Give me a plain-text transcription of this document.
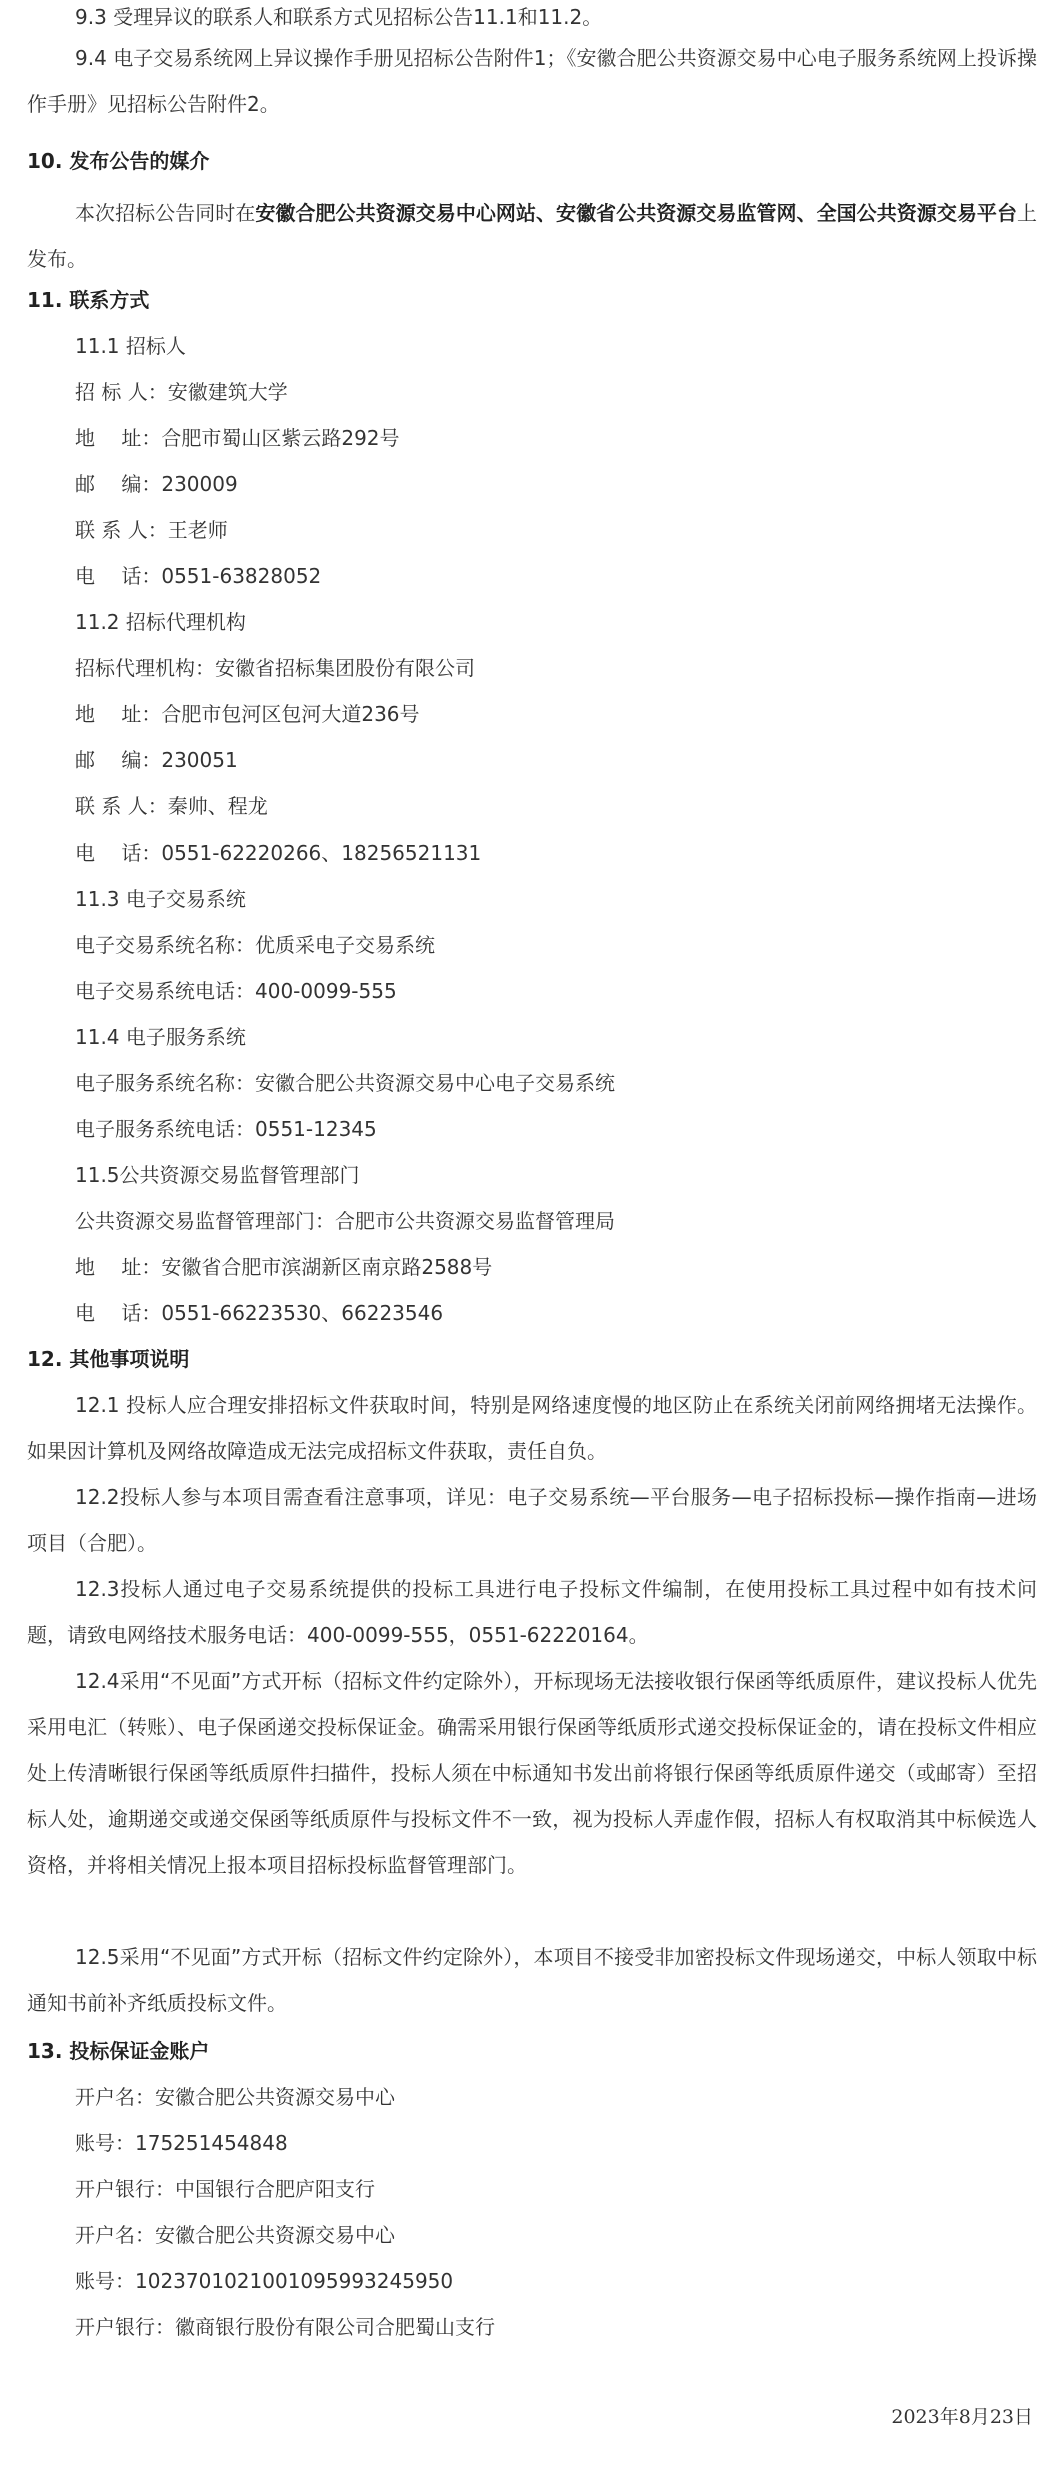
9.3 受理异议的联系人和联系方式见招标公告11.1和11.2。
9.4 电子交易系统网上异议操作手册见招标公告附件1；《安徽合肥公共资源交易中心电子服务系统网上投诉操作手册》见招标公告附件2。
10. 发布公告的媒介
本次招标公告同时在安徽合肥公共资源交易中心网站、安徽省公共资源交易监管网、全国公共资源交易平台上发布。
11. 联系方式
11.1 招标人
招 标 人：安徽建筑大学
地　 址：合肥市蜀山区紫云路292号
邮　 编：230009
联 系 人：王老师
电　 话：0551-63828052
11.2 招标代理机构
招标代理机构：安徽省招标集团股份有限公司
地　 址：合肥市包河区包河大道236号
邮　 编：230051
联 系 人：秦帅、程龙
电　 话：0551-62220266、18256521131
11.3 电子交易系统
电子交易系统名称：优质采电子交易系统
电子交易系统电话：400-0099-555
11.4 电子服务系统
电子服务系统名称：安徽合肥公共资源交易中心电子交易系统
电子服务系统电话：0551-12345
11.5公共资源交易监督管理部门
公共资源交易监督管理部门：合肥市公共资源交易监督管理局
地　 址：安徽省合肥市滨湖新区南京路2588号
电　 话：0551-66223530、66223546
12. 其他事项说明
12.1 投标人应合理安排招标文件获取时间，特别是网络速度慢的地区防止在系统关闭前网络拥堵无法操作。如果因计算机及网络故障造成无法完成招标文件获取，责任自负。
12.2投标人参与本项目需查看注意事项，详见：电子交易系统—平台服务—电子招标投标—操作指南—进场项目（合肥）。
12.3投标人通过电子交易系统提供的投标工具进行电子投标文件编制，在使用投标工具过程中如有技术问题，请致电网络技术服务电话：400-0099-555，0551-62220164。
12.4采用“不见面”方式开标（招标文件约定除外），开标现场无法接收银行保函等纸质原件，建议投标人优先采用电汇（转账）、电子保函递交投标保证金。确需采用银行保函等纸质形式递交投标保证金的，请在投标文件相应处上传清晰银行保函等纸质原件扫描件，投标人须在中标通知书发出前将银行保函等纸质原件递交（或邮寄）至招标人处，逾期递交或递交保函等纸质原件与投标文件不一致，视为投标人弄虚作假，招标人有权取消其中标候选人资格，并将相关情况上报本项目招标投标监督管理部门。
12.5采用“不见面”方式开标（招标文件约定除外），本项目不接受非加密投标文件现场递交，中标人领取中标通知书前补齐纸质投标文件。
13. 投标保证金账户
开户名：安徽合肥公共资源交易中心
账号：175251454848
开户银行：中国银行合肥庐阳支行
开户名：安徽合肥公共资源交易中心
账号：102370102100109599324595​0
开户银行：徽商银行股份有限公司合肥蜀山支行
2023年8月23日
